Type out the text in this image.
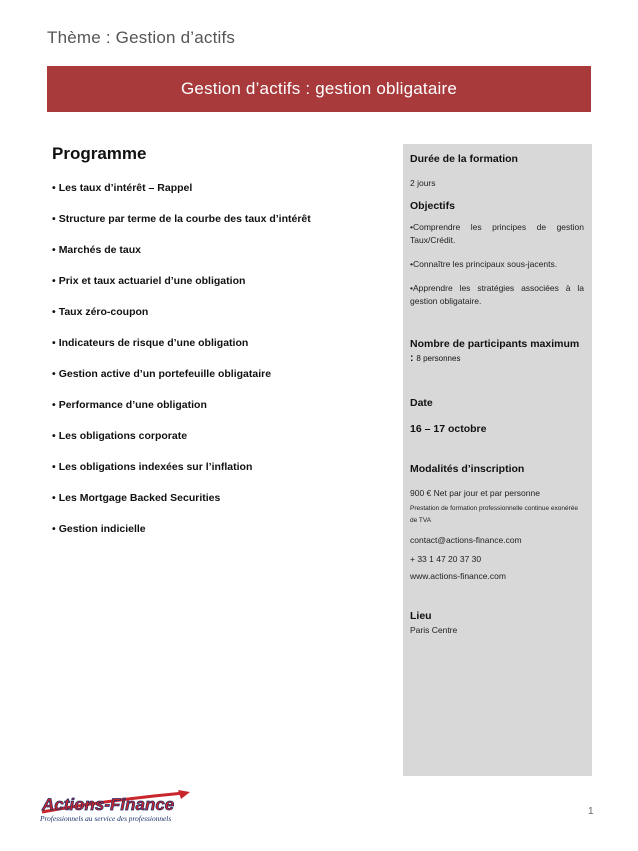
Thème : Gestion d’actifs
Gestion d’actifs : gestion obligataire
Programme
• Les taux d’intérêt – Rappel
• Structure par terme de la courbe des taux d’intérêt
• Marchés de taux
• Prix et taux actuariel d’une obligation
• Taux zéro-coupon
• Indicateurs de risque d’une obligation
• Gestion active d’un portefeuille obligataire
• Performance d’une obligation
• Les obligations corporate
• Les obligations indexées sur l’inflation
• Les Mortgage Backed Securities
• Gestion indicielle
Durée de la formation
2 jours
Objectifs
•Comprendre les principes de gestion Taux/Crédit.
•Connaître les principaux sous-jacents.
•Apprendre les stratégies associées à la gestion obligataire.
Nombre de participants maximum : 8 personnes
Date
16 – 17 octobre
Modalités d’inscription
900 € Net par jour et par personne
Prestation de formation professionnelle continue exonérée de TVA
contact@actions-finance.com
+ 33 1 47 20 37 30
www.actions-finance.com
Lieu
Paris Centre
Actions-Finance
Professionnels au service des professionnels
1
